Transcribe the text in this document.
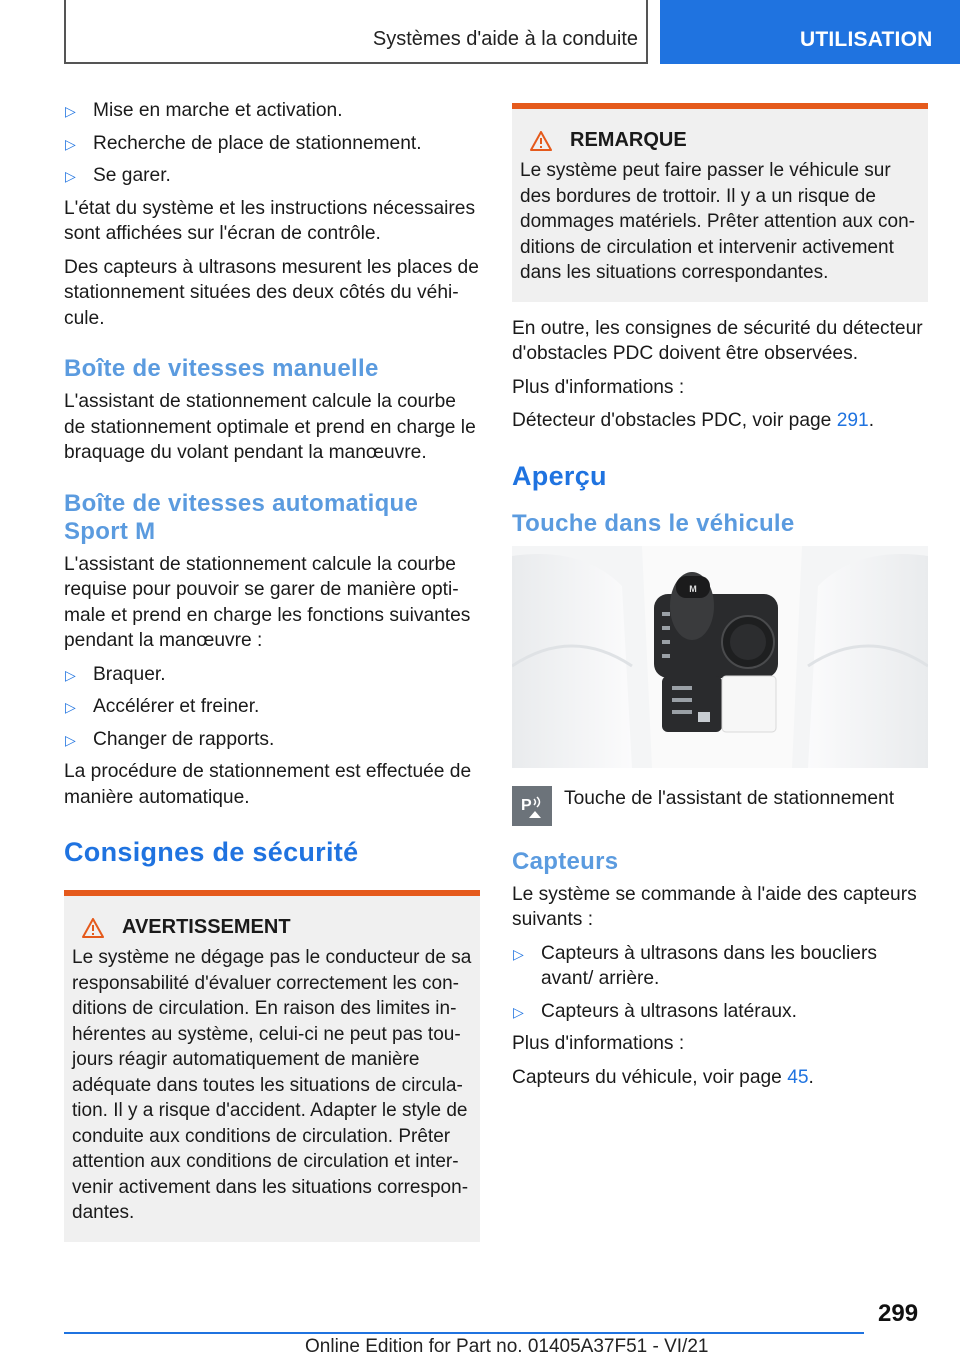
Systèmes d'aide à la conduite	UTILISATION
▷ Mise en marche et activation.
▷ Recherche de place de stationnement.
▷ Se garer.

L'état du système et les instructions nécessaires sont affichées sur l'écran de contrôle.

Des capteurs à ultrasons mesurent les places de stationnement situées des deux côtés du véhicule.

Boîte de vitesses manuelle

L'assistant de stationnement calcule la courbe de stationnement optimale et prend en charge le braquage du volant pendant la manœuvre.

Boîte de vitesses automatique
Sport M

L'assistant de stationnement calcule la courbe requise pour pouvoir se garer de manière optimale et prend en charge les fonctions suivantes pendant la manœuvre :

▷ Braquer.
▷ Accélérer et freiner.
▷ Changer de rapports.

La procédure de stationnement est effectuée de manière automatique.

Consignes de sécurité
AVERTISSEMENT

Le système ne dégage pas le conducteur de sa responsabilité d'évaluer correctement les conditions de circulation. En raison des limites inhérentes au système, celui-ci ne peut pas toujours réagir automatiquement de manière adéquate dans toutes les situations de circulation. Il y a risque d'accident. Adapter le style de conduite aux conditions de circulation. Prêter attention aux conditions de circulation et intervenir activement dans les situations correspondantes.

REMARQUE

Le système peut faire passer le véhicule sur des bordures de trottoir. Il y a un risque de dommages matériels. Prêter attention aux conditions de circulation et intervenir activement dans les situations correspondantes.

En outre, les consignes de sécurité du détecteur d'obstacles PDC doivent être observées.

Plus d'informations :

Détecteur d'obstacles PDC, voir page 291.

Aperçu
Touche dans le véhicule
M
P Touche de l'assistant de stationnement

Capteurs

Le système se commande à l'aide des capteurs suivants :

▷ Capteurs à ultrasons dans les boucliers avant/ arrière.
▷ Capteurs à ultrasons latéraux.

Plus d'informations :

Capteurs du véhicule, voir page 45.

299
Online Edition for Part no. 01405A37F51 - VI/21
